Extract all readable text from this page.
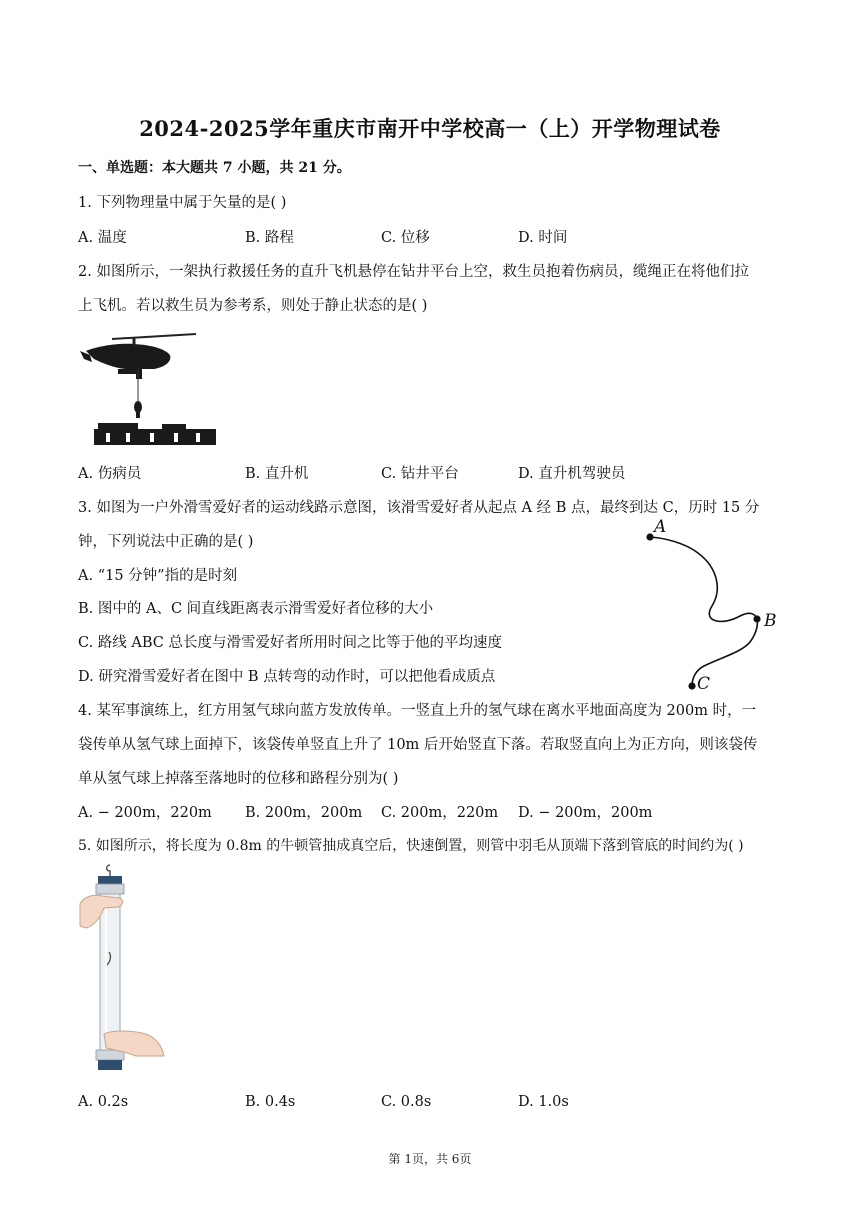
2024-2025学年重庆市南开中学校高一（上）开学物理试卷
一、单选题：本大题共 7 小题，共 21 分。
1. 下列物理量中属于矢量的是( )
A. 温度	B. 路程	C. 位移	D. 时间
2. 如图所示，一架执行救援任务的直升飞机悬停在钻井平台上空，救生员抱着伤病员，缆绳正在将他们拉
上飞机。若以救生员为参考系，则处于静止状态的是( )
A. 伤病员	B. 直升机	C. 钻井平台	D. 直升机驾驶员
3. 如图为一户外滑雪爱好者的运动线路示意图，该滑雪爱好者从起点 A 经 B 点，最终到达 C，历时 15 分
钟，下列说法中正确的是( )
A. “15 分钟”指的是时刻
B. 图中的 A、C 间直线距离表示滑雪爱好者位移的大小
C. 路线 ABC 总长度与滑雪爱好者所用时间之比等于他的平均速度
D. 研究滑雪爱好者在图中 B 点转弯的动作时，可以把他看成质点
A
B
C
4. 某军事演练上，红方用氢气球向蓝方发放传单。一竖直上升的氢气球在离水平地面高度为 200m 时，一
袋传单从氢气球上面掉下，该袋传单竖直上升了 10m 后开始竖直下落。若取竖直向上为正方向，则该袋传
单从氢气球上掉落至落地时的位移和路程分别为( )
A. − 200m，220m B. 200m，200m C. 200m，220m D. − 200m，200m
5. 如图所示，将长度为 0.8m 的牛顿管抽成真空后，快速倒置，则管中羽毛从顶端下落到管底的时间约为( )
A. 0.2s	B. 0.4s	C. 0.8s	D. 1.0s
第 1页，共 6页
